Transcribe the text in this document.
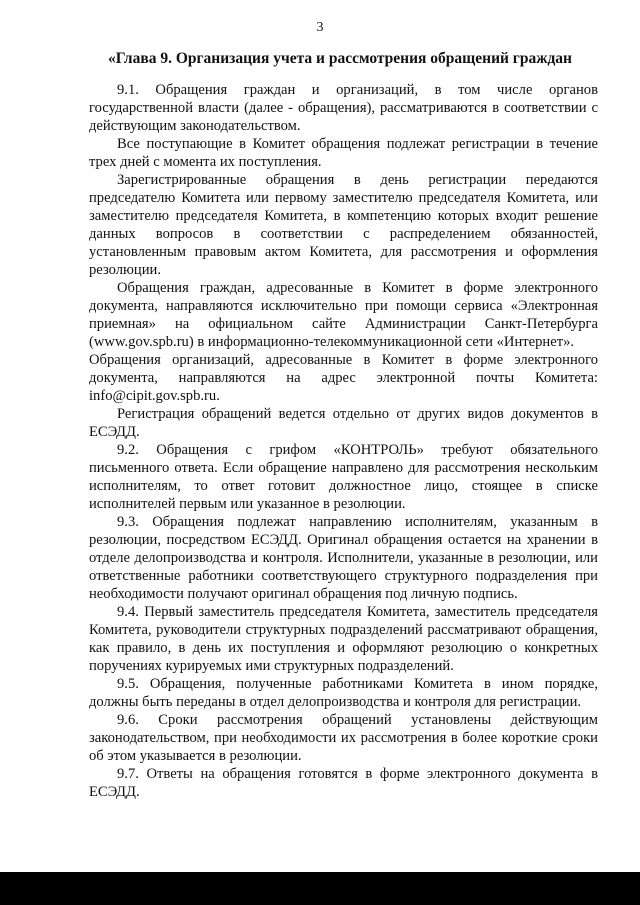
3
«Глава 9. Организация учета и рассмотрения обращений граждан

9.1. Обращения граждан и организаций, в том числе органов государственной власти (далее - обращения), рассматриваются в соответствии с действующим законодательством.

Все поступающие в Комитет обращения подлежат регистрации в течение трех дней с момента их поступления.

Зарегистрированные обращения в день регистрации передаются председателю Комитета или первому заместителю председателя Комитета, или заместителю председателя Комитета, в компетенцию которых входит решение данных вопросов в соответствии с распределением обязанностей, установленным правовым актом Комитета, для рассмотрения и оформления резолюции.

Обращения граждан, адресованные в Комитет в форме электронного документа, направляются исключительно при помощи сервиса «Электронная приемная» на официальном сайте Администрации Санкт-Петербурга (www.gov.spb.ru) в информационно-телекоммуникационной сети «Интернет».

Обращения организаций, адресованные в Комитет в форме электронного документа, направляются на адрес электронной почты Комитета: info@cipit.gov.spb.ru.

Регистрация обращений ведется отдельно от других видов документов в ЕСЭДД.

9.2. Обращения с грифом «КОНТРОЛЬ» требуют обязательного письменного ответа. Если обращение направлено для рассмотрения нескольким исполнителям, то ответ готовит должностное лицо, стоящее в списке исполнителей первым или указанное в резолюции.

9.3. Обращения подлежат направлению исполнителям, указанным в резолюции, посредством ЕСЭДД. Оригинал обращения остается на хранении в отделе делопроизводства и контроля. Исполнители, указанные в резолюции, или ответственные работники соответствующего структурного подразделения при необходимости получают оригинал обращения под личную подпись.

9.4. Первый заместитель председателя Комитета, заместитель председателя Комитета, руководители структурных подразделений рассматривают обращения, как правило, в день их поступления и оформляют резолюцию о конкретных поручениях курируемых ими структурных подразделений.

9.5. Обращения, полученные работниками Комитета в ином порядке, должны быть переданы в отдел делопроизводства и контроля для регистрации.

9.6. Сроки рассмотрения обращений установлены действующим законодательством, при необходимости их рассмотрения в более короткие сроки об этом указывается в резолюции.

9.7. Ответы на обращения готовятся в форме электронного документа в ЕСЭДД.
